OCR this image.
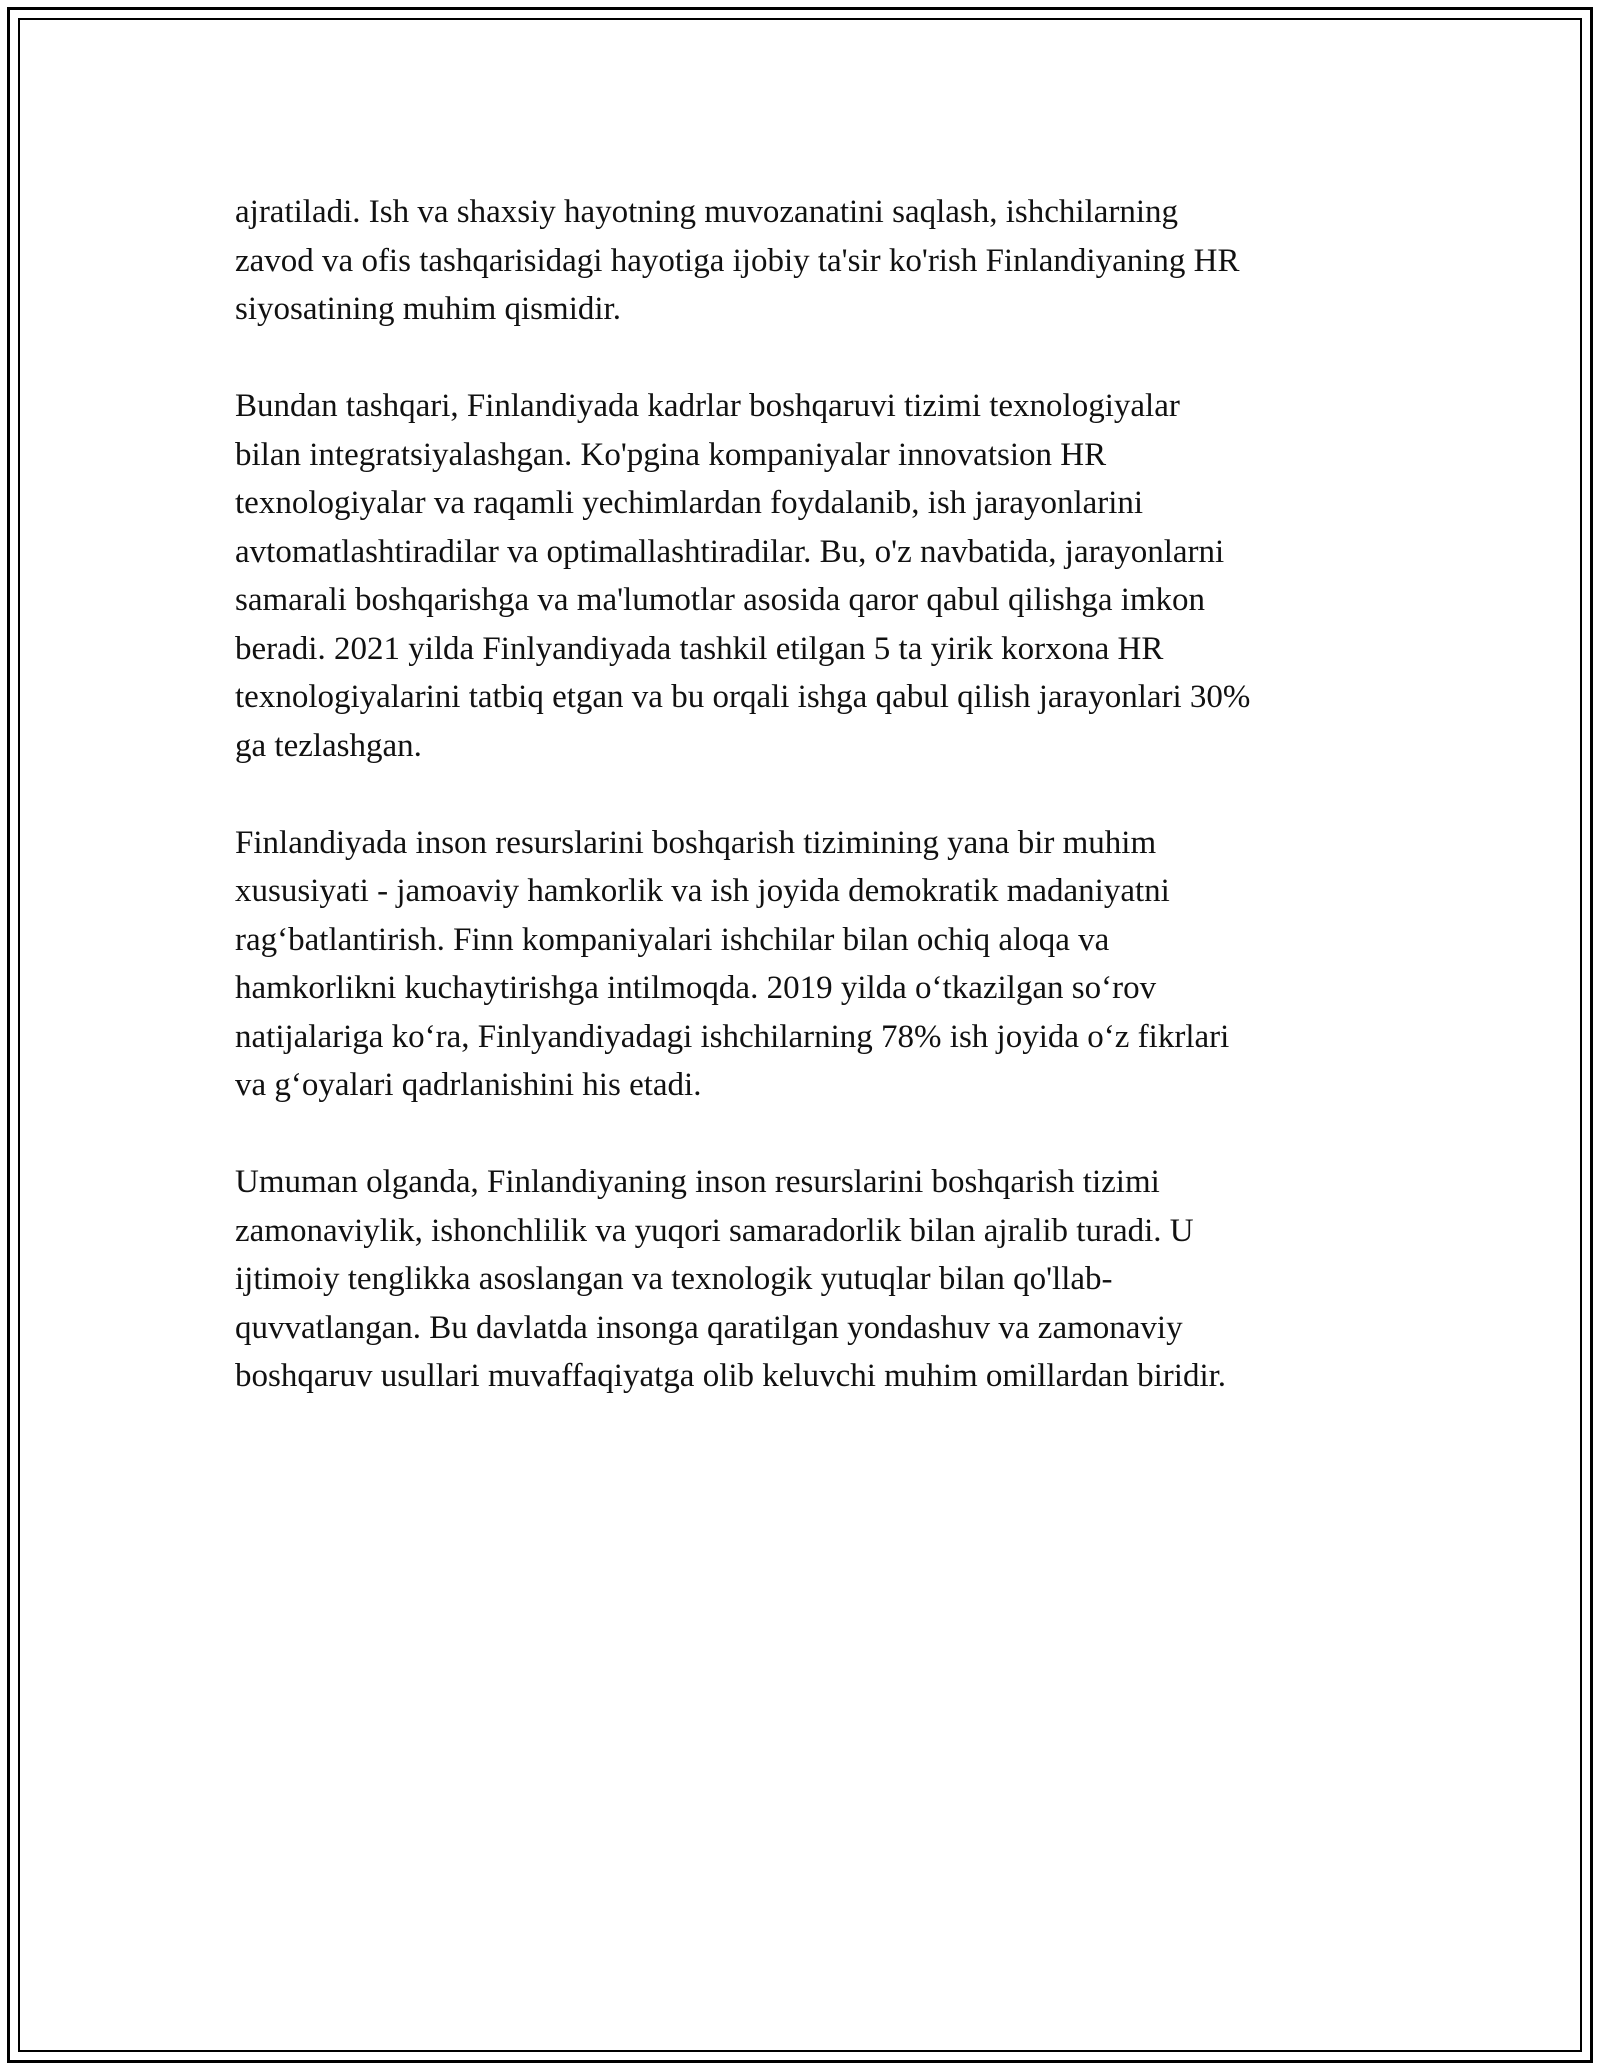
ajratiladi. Ish va shaxsiy hayotning muvozanatini saqlash, ishchilarning
zavod va ofis tashqarisidagi hayotiga ijobiy ta'sir ko'rish Finlandiyaning HR
siyosatining muhim qismidir.

Bundan tashqari, Finlandiyada kadrlar boshqaruvi tizimi texnologiyalar
bilan integratsiyalashgan. Ko'pgina kompaniyalar innovatsion HR
texnologiyalar va raqamli yechimlardan foydalanib, ish jarayonlarini
avtomatlashtiradilar va optimallashtiradilar. Bu, o'z navbatida, jarayonlarni
samarali boshqarishga va ma'lumotlar asosida qaror qabul qilishga imkon
beradi. 2021 yilda Finlyandiyada tashkil etilgan 5 ta yirik korxona HR
texnologiyalarini tatbiq etgan va bu orqali ishga qabul qilish jarayonlari 30%
ga tezlashgan.

Finlandiyada inson resurslarini boshqarish tizimining yana bir muhim
xususiyati - jamoaviy hamkorlik va ish joyida demokratik madaniyatni
rag‘batlantirish. Finn kompaniyalari ishchilar bilan ochiq aloqa va
hamkorlikni kuchaytirishga intilmoqda. 2019 yilda o‘tkazilgan so‘rov
natijalariga ko‘ra, Finlyandiyadagi ishchilarning 78% ish joyida o‘z fikrlari
va g‘oyalari qadrlanishini his etadi.

Umuman olganda, Finlandiyaning inson resurslarini boshqarish tizimi
zamonaviylik, ishonchlilik va yuqori samaradorlik bilan ajralib turadi. U
ijtimoiy tenglikka asoslangan va texnologik yutuqlar bilan qo'llab-
quvvatlangan. Bu davlatda insonga qaratilgan yondashuv va zamonaviy
boshqaruv usullari muvaffaqiyatga olib keluvchi muhim omillardan biridir.
